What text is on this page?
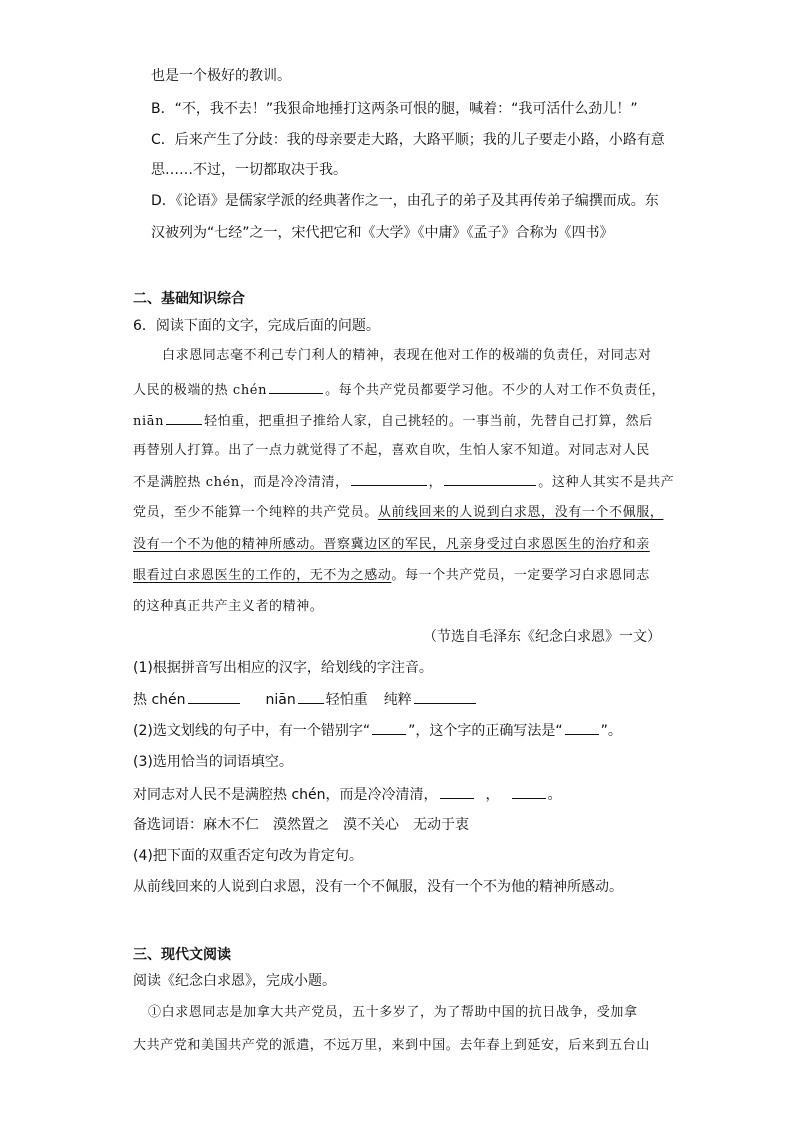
也是一个极好的教训。
B．“不，我不去！”我狠命地捶打这两条可恨的腿，喊着：“我可活什么劲儿！”
C．后来产生了分歧：我的母亲要走大路，大路平顺；我的儿子要走小路，小路有意
思……不过，一切都取决于我。
D．《论语》是儒家学派的经典著作之一，由孔子的弟子及其再传弟子编撰而成。东
汉被列为“七经”之一，宋代把它和《大学》《中庸》《孟子》合称为《四书》
二、基础知识综合
6．阅读下面的文字，完成后面的问题。
白求恩同志毫不利己专门利人的精神，表现在他对工作的极端的负责任，对同志对
人民的极端的热 chén	。每个共产党员都要学习他。不少的人对工作不负责任，
niān	轻怕重，把重担子推给人家，自己挑轻的。一事当前，先替自己打算，然后
再替别人打算。出了一点力就觉得了不起，喜欢自吹，生怕人家不知道。对同志对人民
不是满腔热 chén，而是冷冷清清，	，	。这种人其实不是共产
党员，至少不能算一个纯粹的共产党员。从前线回来的人说到白求恩，没有一个不佩服，
没有一个不为他的精神所感动。晋察冀边区的军民，凡亲身受过白求恩医生的治疗和亲
眼看过白求恩医生的工作的，无不为之感动。每一个共产党员，一定要学习白求恩同志
的这种真正共产主义者的精神。
（节选自毛泽东《纪念白求恩》一文）
(1)根据拼音写出相应的汉字，给划线的字注音。
热 chén	niān 轻怕重 纯粹
(2)选文划线的句子中，有一个错别字“	”，这个字的正确写法是“	”。
(3)选用恰当的词语填空。
对同志对人民不是满腔热 chén，而是冷冷清清，	，	。
备选词语：麻木不仁　漠然置之　漠不关心　无动于衷
(4)把下面的双重否定句改为肯定句。
从前线回来的人说到白求恩，没有一个不佩服，没有一个不为他的精神所感动。
三、现代文阅读
阅读《纪念白求恩》，完成小题。
①白求恩同志是加拿大共产党员，五十多岁了，为了帮助中国的抗日战争，受加拿
大共产党和美国共产党的派遣，不远万里，来到中国。去年春上到延安，后来到五台山
